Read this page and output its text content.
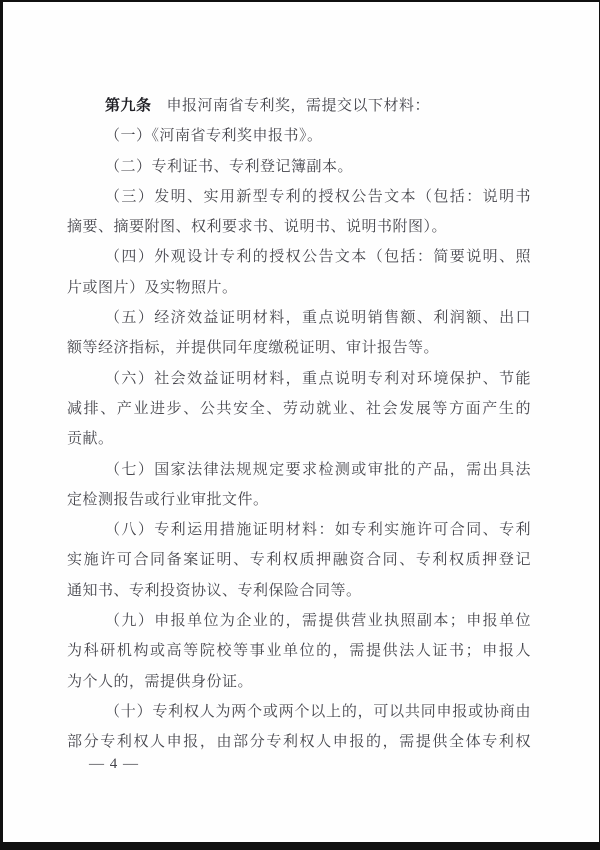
第九条 申报河南省专利奖，需提交以下材料：
（一）《河南省专利奖申报书》。
（二）专利证书、专利登记簿副本。
（三）发明、实用新型专利的授权公告文本（包括：说明书
摘要、摘要附图、权利要求书、说明书、说明书附图）。
（四）外观设计专利的授权公告文本（包括：简要说明、照
片或图片）及实物照片。
（五）经济效益证明材料，重点说明销售额、利润额、出口
额等经济指标，并提供同年度缴税证明、审计报告等。
（六）社会效益证明材料，重点说明专利对环境保护、节能
减排、产业进步、公共安全、劳动就业、社会发展等方面产生的
贡献。
（七）国家法律法规规定要求检测或审批的产品，需出具法
定检测报告或行业审批文件。
（八）专利运用措施证明材料：如专利实施许可合同、专利
实施许可合同备案证明、专利权质押融资合同、专利权质押登记
通知书、专利投资协议、专利保险合同等。
（九）申报单位为企业的，需提供营业执照副本；申报单位
为科研机构或高等院校等事业单位的，需提供法人证书；申报人
为个人的，需提供身份证。
（十）专利权人为两个或两个以上的，可以共同申报或协商由
部分专利权人申报，由部分专利权人申报的，需提供全体专利权
— 4 —
